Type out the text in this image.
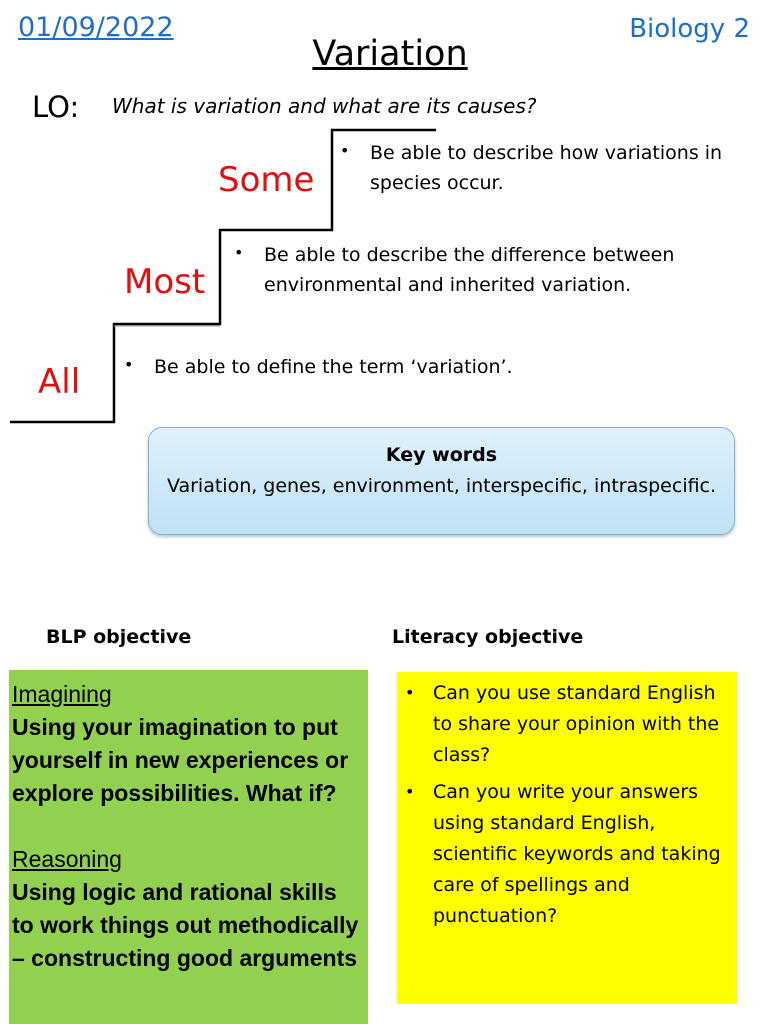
01/09/2022	Biology 2
Variation
LO: What is variation and what are its causes?
Some
Most
All
•	Be able to describe how variations in species occur.
•	Be able to describe the difference between environmental and inherited variation.
•	Be able to define the term ‘variation’.
Key words
Variation, genes, environment, interspecific, intraspecific.
BLP objective	Literacy objective
Imagining
Using your imagination to put yourself in new experiences or explore possibilities. What if?
Reasoning
Using logic and rational skills to work things out methodically – constructing good arguments
• Can you use standard English to share your opinion with the class?
• Can you write your answers using standard English, scientific keywords and taking care of spellings and punctuation?
